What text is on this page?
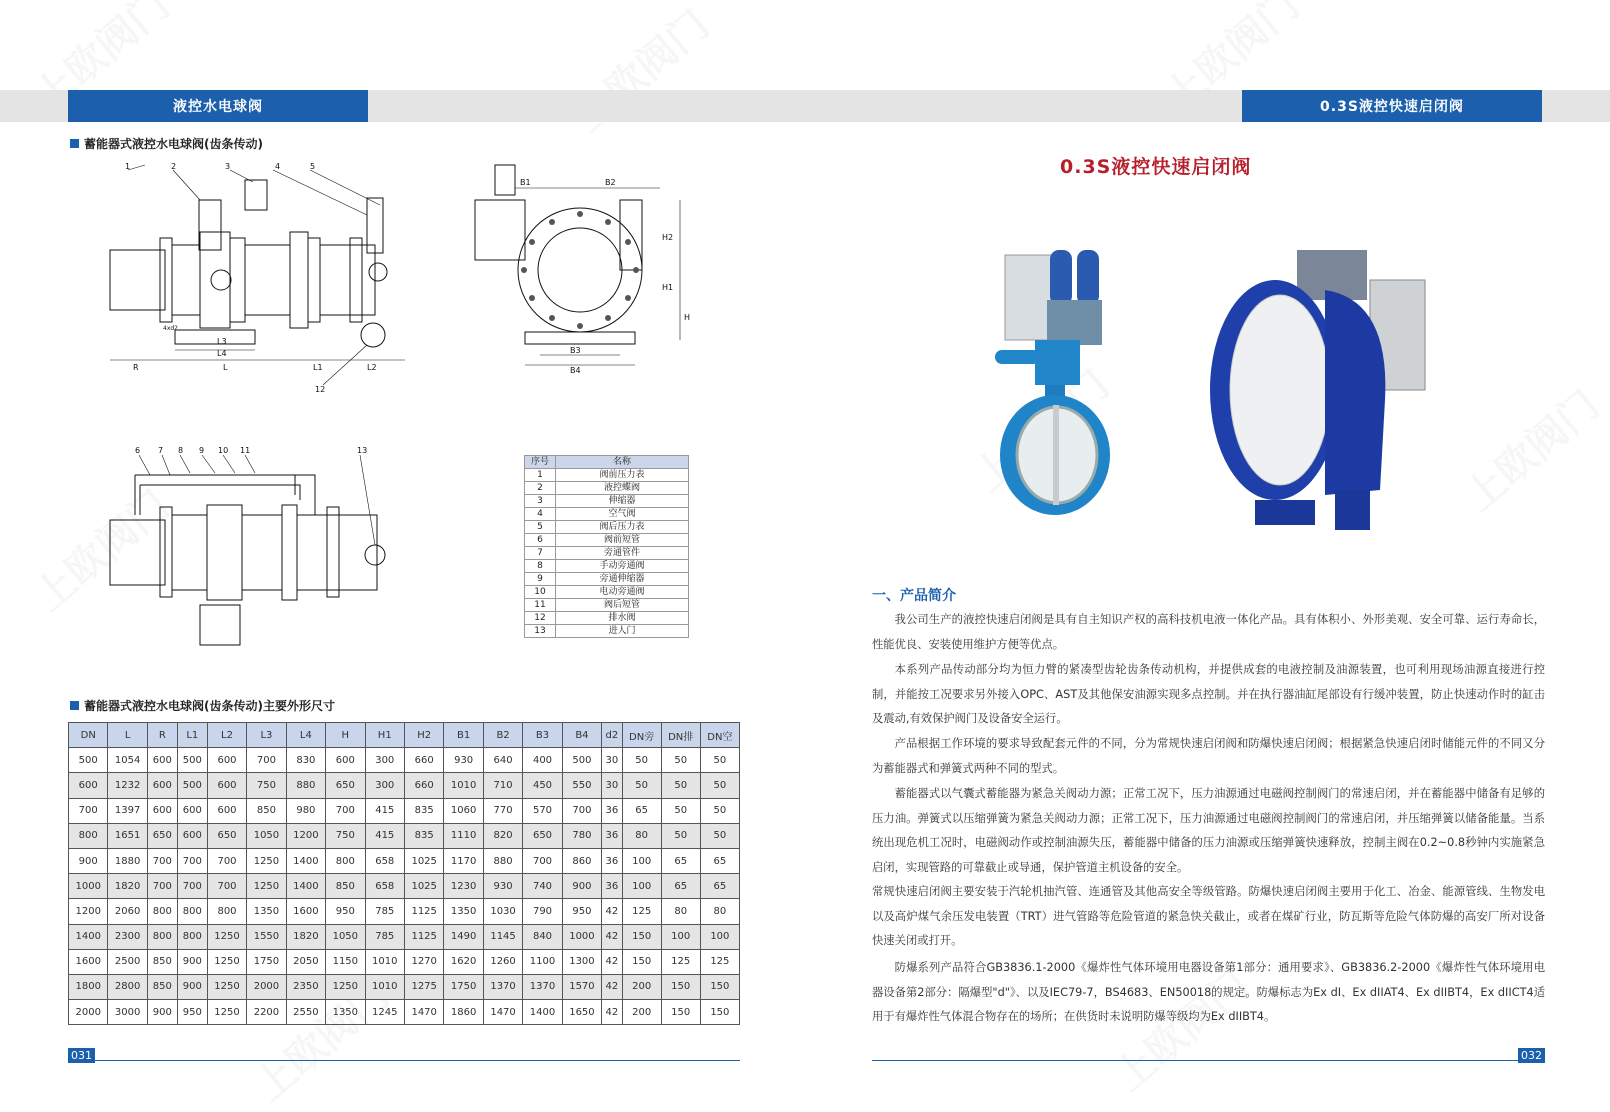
液控水电球阀	0.3S液控快速启闭阀
蓄能器式液控水电球阀(齿条传动)
1	2	3	4	5
12
R	L	L1	L2
L3
L4
4xd2
B1	B2
B3
B4
H
H1
H2
6 7 8 9 10 11	13
序号	名称
1	阀前压力表
2	液控蝶阀
3	伸缩器
4	空气阀
5	阀后压力表
6	阀前短管
7	旁通管件
8	手动旁通阀
9	旁通伸缩器
10	电动旁通阀
11	阀后短管
12	排水阀
13	进人门
蓄能器式液控水电球阀(齿条传动)主要外形尺寸
DN	L	R	L1	L2	L3	L4	H	H1	H2	B1	B2	B3	B4	d2	DN旁	DN排	DN空
500	1054	600	500	600	700	830	600	300	660	930	640	400	500	30	50	50	50
600	1232	600	500	600	750	880	650	300	660	1010	710	450	550	30	50	50	50
700	1397	600	600	600	850	980	700	415	835	1060	770	570	700	36	65	50	50
800	1651	650	600	650	1050	1200	750	415	835	1110	820	650	780	36	80	50	50
900	1880	700	700	700	1250	1400	800	658	1025	1170	880	700	860	36	100	65	65
1000	1820	700	700	700	1250	1400	850	658	1025	1230	930	740	900	36	100	65	65
1200	2060	800	800	800	1350	1600	950	785	1125	1350	1030	790	950	42	125	80	80
1400	2300	800	800	1250	1550	1820	1050	785	1125	1490	1145	840	1000	42	150	100	100
1600	2500	850	900	1250	1750	2050	1150	1010	1270	1620	1260	1100	1300	42	150	125	125
1800	2800	850	900	1250	2000	2350	1250	1010	1275	1750	1370	1370	1570	42	200	150	150
2000	3000	900	950	1250	2200	2550	1350	1245	1470	1860	1470	1400	1650	42	200	150	150
031
0.3S液控快速启闭阀
一、产品简介

我公司生产的液控快速启闭阀是具有自主知识产权的高科技机电液一体化产品。具有体积小、外形美观、安全可靠、运行寿命长，性能优良、安装使用维护方便等优点。

本系列产品传动部分均为恒力臂的紧凑型齿轮齿条传动机构，并提供成套的电液控制及油源装置，也可利用现场油源直接进行控制，并能按工况要求另外接入OPC、AST及其他保安油源实现多点控制。并在执行器油缸尾部设有行缓冲装置，防止快速动作时的缸击及震动,有效保护阀门及设备安全运行。

产品根据工作环境的要求导致配套元件的不同，分为常规快速启闭阀和防爆快速启闭阀；根据紧急快速启闭时储能元件的不同又分为蓄能器式和弹簧式两种不同的型式。

蓄能器式以气囊式蓄能器为紧急关阀动力源；正常工况下，压力油源通过电磁阀控制阀门的常速启闭，并在蓄能器中储备有足够的压力油。弹簧式以压缩弹簧为紧急关阀动力源；正常工况下，压力油源通过电磁阀控制阀门的常速启闭，并压缩弹簧以储备能量。当系统出现危机工况时，电磁阀动作或控制油源失压，蓄能器中储备的压力油源或压缩弹簧快速释放，控制主阀在0.2~0.8秒钟内实施紧急启闭，实现管路的可靠截止或导通，保护管道主机设备的安全。

常规快速启闭阀主要安装于汽轮机抽汽管、连通管及其他高安全等级管路。防爆快速启闭阀主要用于化工、冶金、能源管线、生物发电以及高炉煤气余压发电装置（TRT）进气管路等危险管道的紧急快关截止，或者在煤矿行业，防瓦斯等危险气体防爆的高安厂所对设备快速关闭或打开。

防爆系列产品符合GB3836.1-2000《爆炸性气体环境用电器设备第1部分：通用要求》、GB3836.2-2000《爆炸性气体环境用电器设备第2部分：隔爆型"d"》、以及IEC79-7，BS4683、EN50018的规定。防爆标志为Ex dI、Ex dIIAT4、Ex dIIBT4，Ex dIICT4适用于有爆炸性气体混合物存在的场所；在供货时未说明防爆等级均为Ex dIIBT4。

032
